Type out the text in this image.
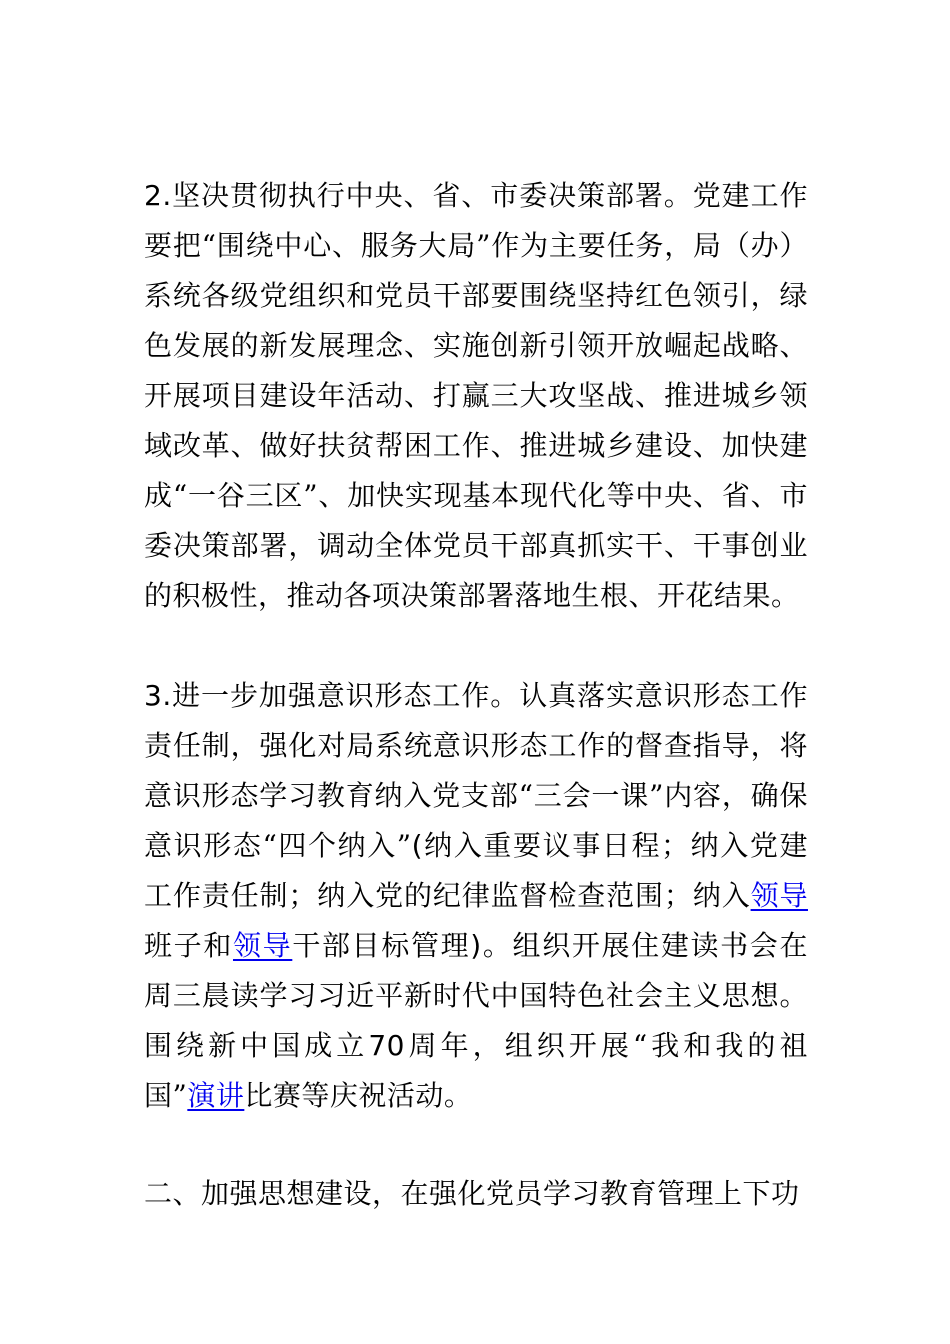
2.坚决贯彻执行中央、省、市委决策部署。党建工作要把“围绕中心、服务大局”作为主要任务，局（办）系统各级党组织和党员干部要围绕坚持红色领引，绿色发展的新发展理念、实施创新引领开放崛起战略、开展项目建设年活动、打赢三大攻坚战、推进城乡领域改革、做好扶贫帮困工作、推进城乡建设、加快建成“一谷三区”、加快实现基本现代化等中央、省、市委决策部署，调动全体党员干部真抓实干、干事创业的积极性，推动各项决策部署落地生根、开花结果。

3.进一步加强意识形态工作。认真落实意识形态工作责任制，强化对局系统意识形态工作的督查指导，将意识形态学习教育纳入党支部“三会一课”内容，确保意识形态“四个纳入”(纳入重要议事日程；纳入党建工作责任制；纳入党的纪律监督检查范围；纳入领导班子和领导干部目标管理)。组织开展住建读书会在周三晨读学习习近平新时代中国特色社会主义思想。围绕新中国成立70周年，组织开展“我和我的祖国”演讲比赛等庆祝活动。

二、加强思想建设，在强化党员学习教育管理上下功
